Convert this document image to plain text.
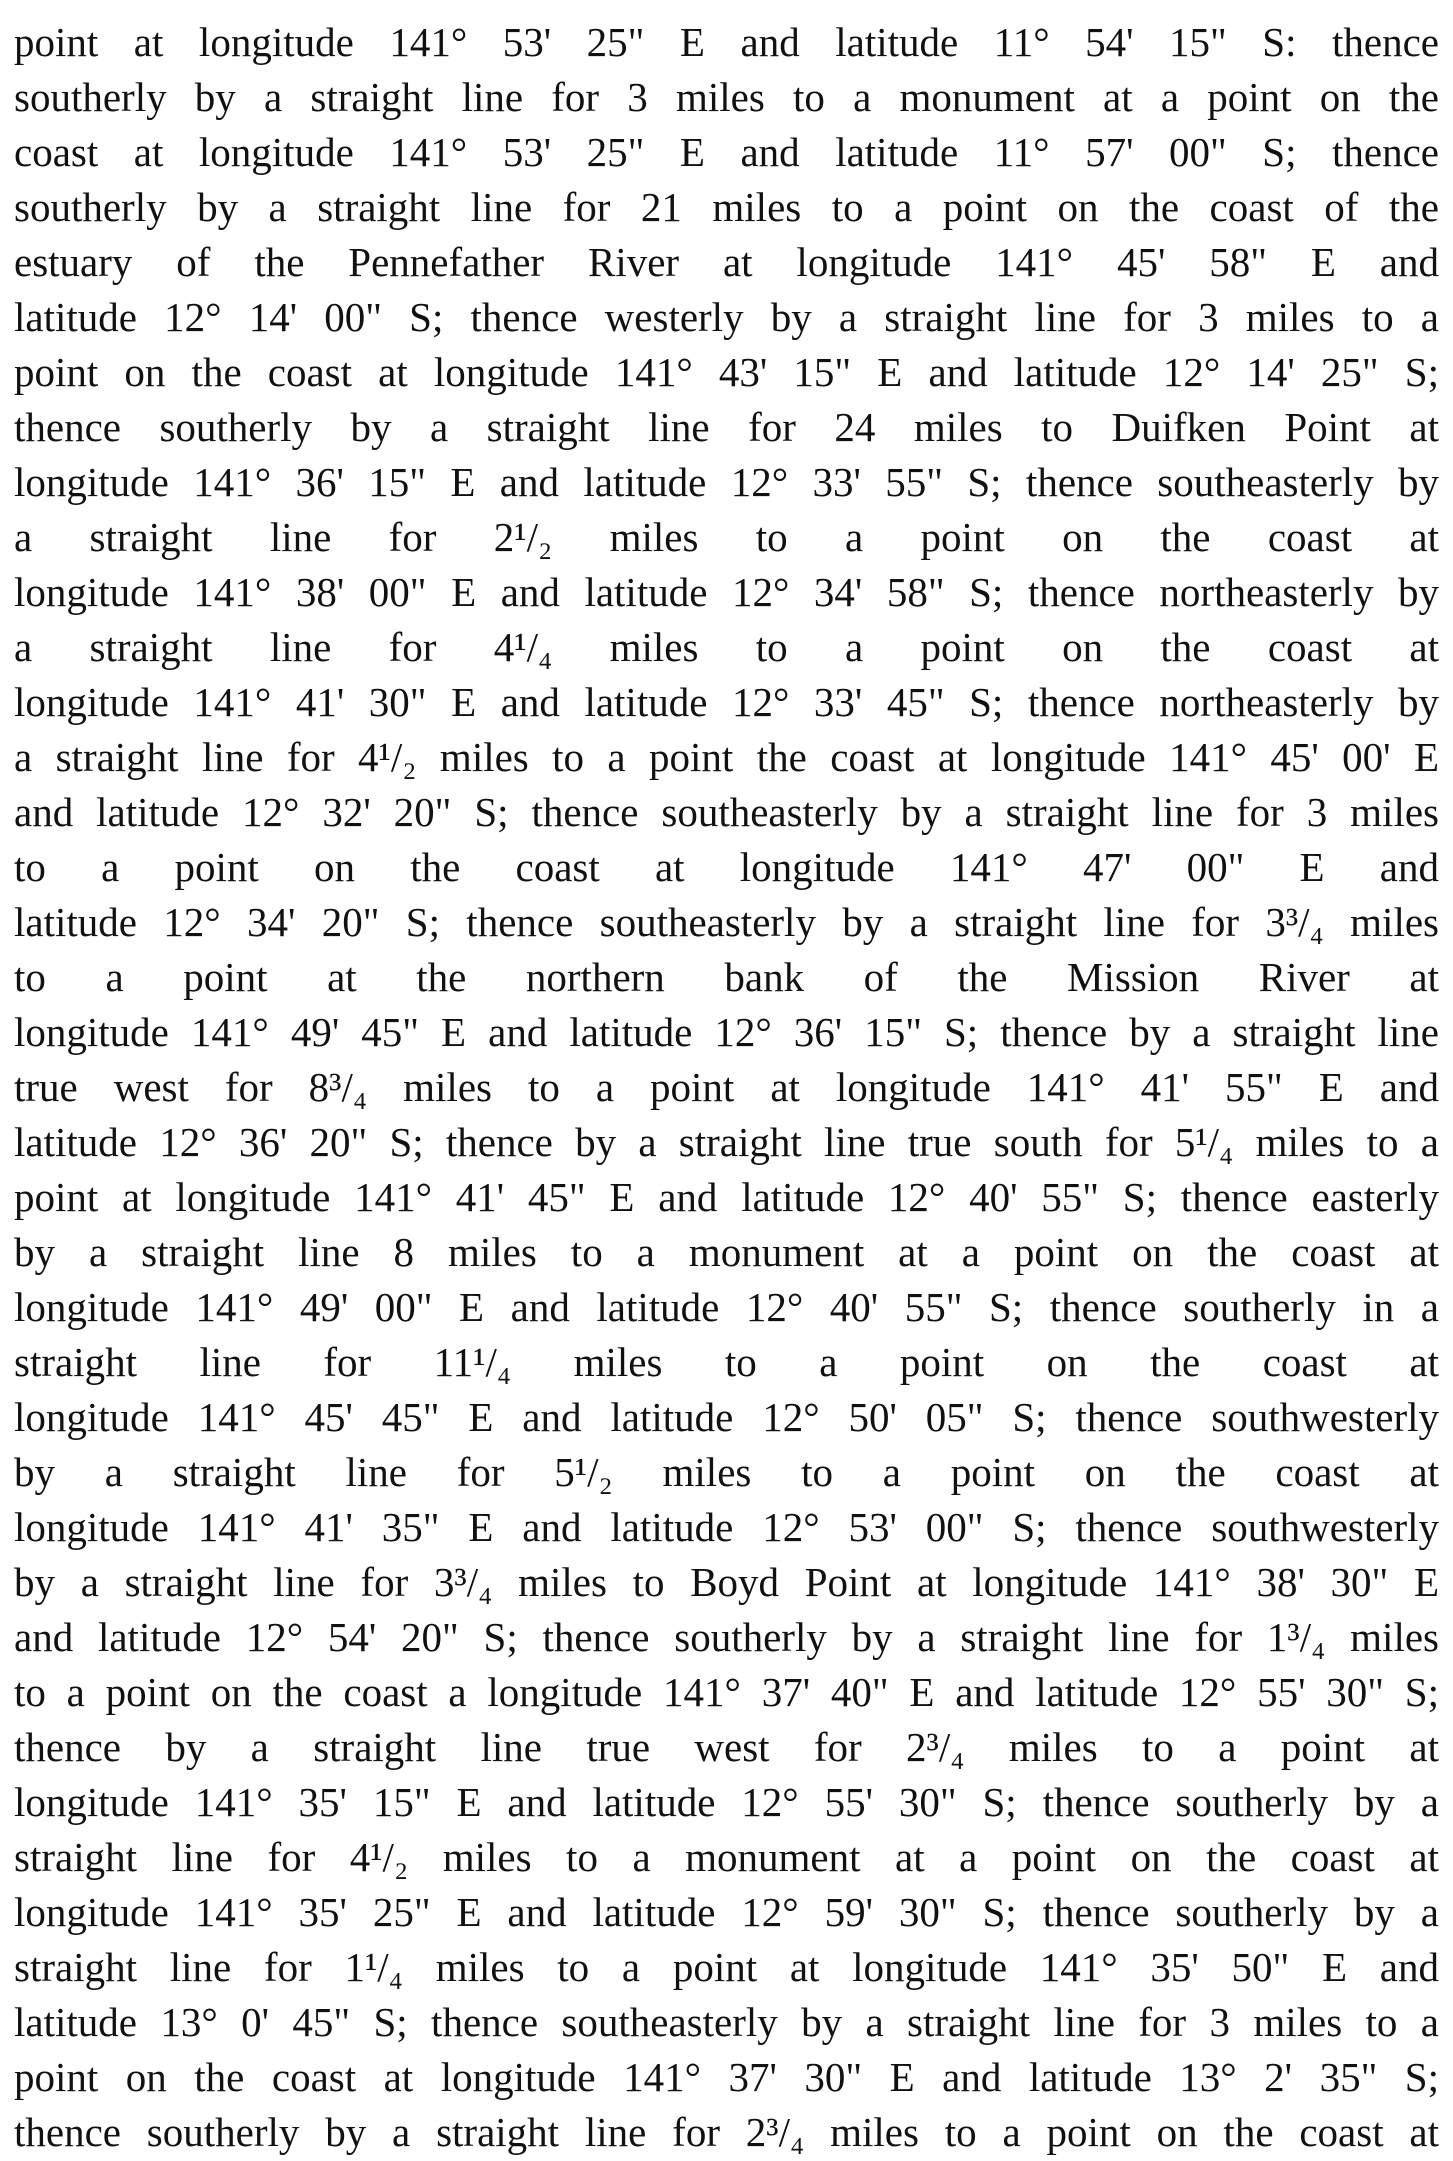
point at longitude 141° 53' 25" E and latitude 11° 54' 15" S: thence
southerly by a straight line for 3 miles to a monument at a point on the
coast at longitude 141° 53' 25" E and latitude 11° 57' 00" S; thence
southerly by a straight line for 21 miles to a point on the coast of the
estuary of the Pennefather River at longitude 141° 45' 58" E and
latitude 12° 14' 00" S; thence westerly by a straight line for 3 miles to a
point on the coast at longitude 141° 43' 15" E and latitude 12° 14' 25" S;
thence southerly by a straight line for 24 miles to Duifken Point at
longitude 141° 36' 15" E and latitude 12° 33' 55" S; thence southeasterly by
a straight line for 2¹/₂ miles to a point on the coast at
longitude 141° 38' 00" E and latitude 12° 34' 58" S; thence northeasterly by
a straight line for 4¹/₄ miles to a point on the coast at
longitude 141° 41' 30" E and latitude 12° 33' 45" S; thence northeasterly by
a straight line for 4¹/₂ miles to a point the coast at longitude 141° 45' 00' E
and latitude 12° 32' 20" S; thence southeasterly by a straight line for 3 miles
to a point on the coast at longitude 141° 47' 00" E and
latitude 12° 34' 20" S; thence southeasterly by a straight line for 3³/₄ miles
to a point at the northern bank of the Mission River at
longitude 141° 49' 45" E and latitude 12° 36' 15" S; thence by a straight line
true west for 8³/₄ miles to a point at longitude 141° 41' 55" E and
latitude 12° 36' 20" S; thence by a straight line true south for 5¹/₄ miles to a
point at longitude 141° 41' 45" E and latitude 12° 40' 55" S; thence easterly
by a straight line 8 miles to a monument at a point on the coast at
longitude 141° 49' 00" E and latitude 12° 40' 55" S; thence southerly in a
straight line for 11¹/₄ miles to a point on the coast at
longitude 141° 45' 45" E and latitude 12° 50' 05" S; thence southwesterly
by a straight line for 5¹/₂ miles to a point on the coast at
longitude 141° 41' 35" E and latitude 12° 53' 00" S; thence southwesterly
by a straight line for 3³/₄ miles to Boyd Point at longitude 141° 38' 30" E
and latitude 12° 54' 20" S; thence southerly by a straight line for 1³/₄ miles
to a point on the coast a longitude 141° 37' 40" E and latitude 12° 55' 30" S;
thence by a straight line true west for 2³/₄ miles to a point at
longitude 141° 35' 15" E and latitude 12° 55' 30" S; thence southerly by a
straight line for 4¹/₂ miles to a monument at a point on the coast at
longitude 141° 35' 25" E and latitude 12° 59' 30" S; thence southerly by a
straight line for 1¹/₄ miles to a point at longitude 141° 35' 50" E and
latitude 13° 0' 45" S; thence southeasterly by a straight line for 3 miles to a
point on the coast at longitude 141° 37' 30" E and latitude 13° 2' 35" S;
thence southerly by a straight line for 2³/₄ miles to a point on the coast at
